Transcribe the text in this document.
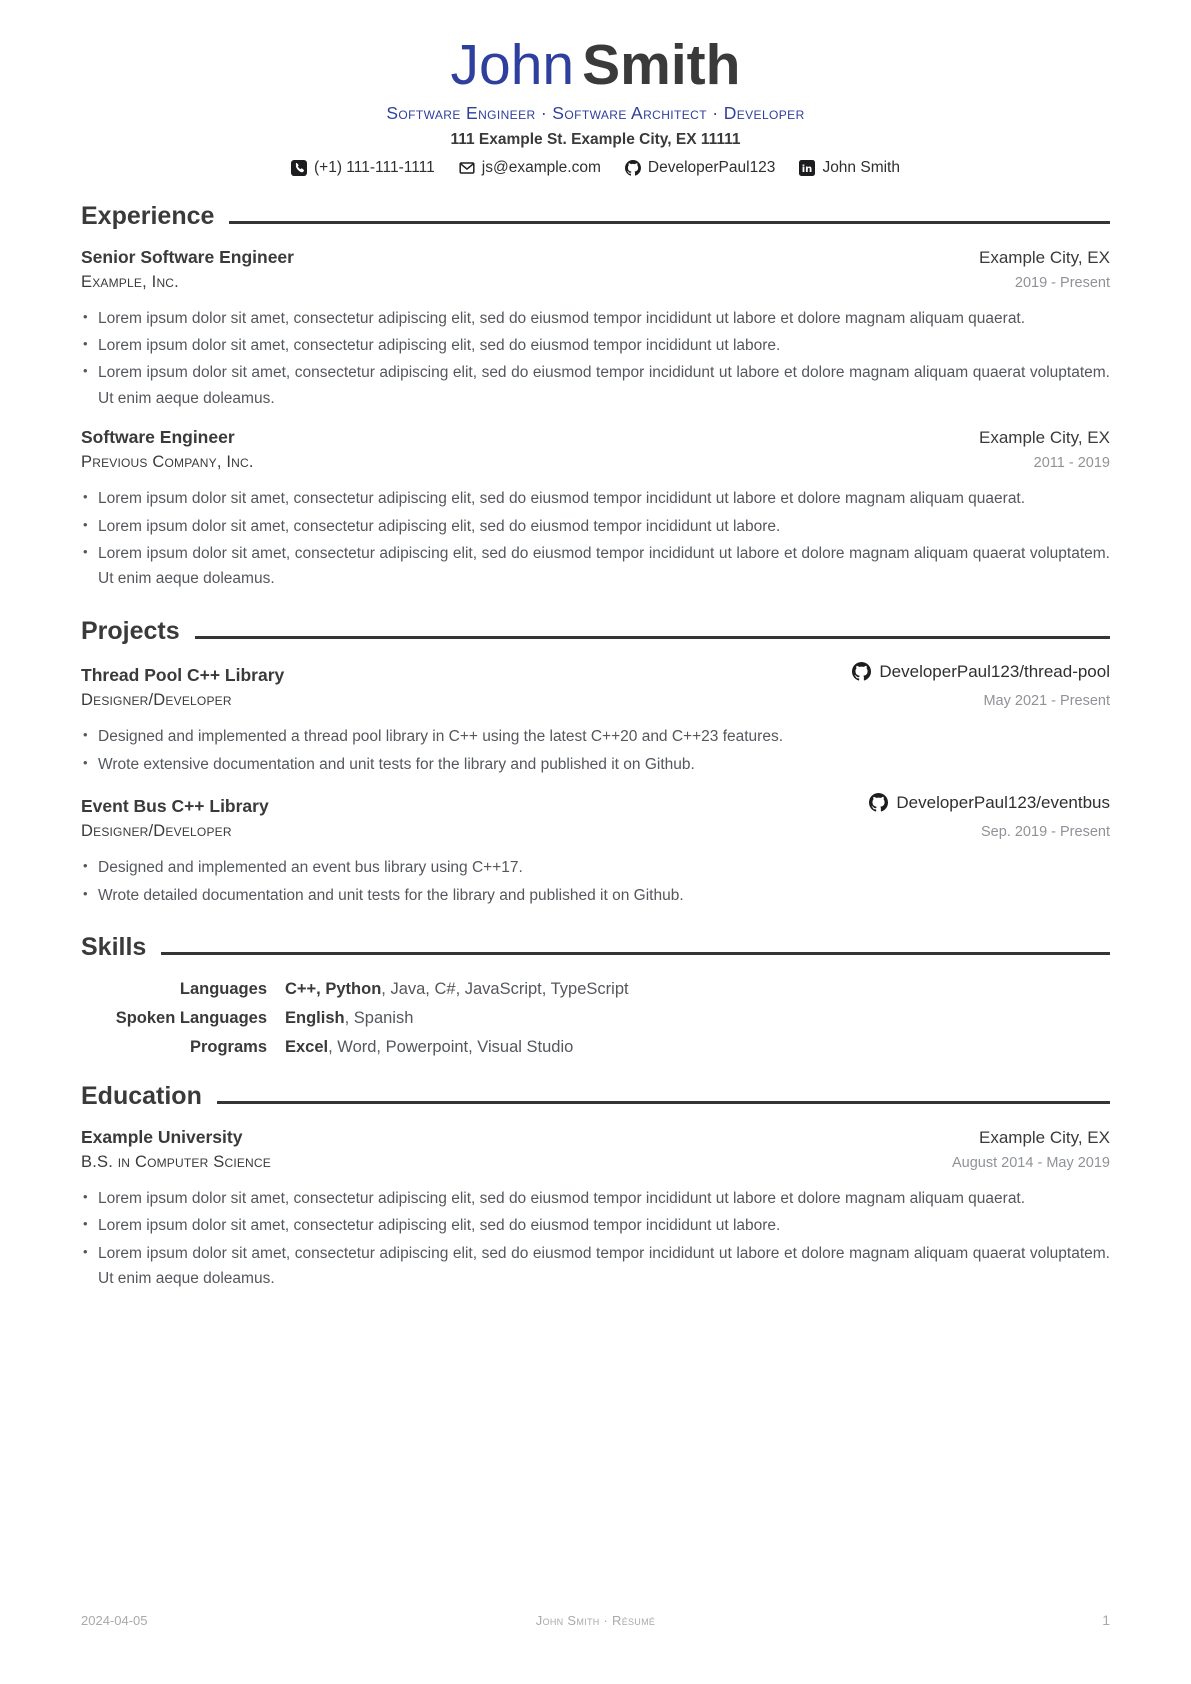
John Smith
Software Engineer · Software Architect · Developer
111 Example St. Example City, EX 11111
(+1) 111-111-1111	js@example.com	DeveloperPaul123	in John Smith
Experience
Senior Software Engineer	Example City, EX
Example, Inc.	2019 - Present
• Lorem ipsum dolor sit amet, consectetur adipiscing elit, sed do eiusmod tempor incididunt ut labore et dolore magnam aliquam quaerat.
• Lorem ipsum dolor sit amet, consectetur adipiscing elit, sed do eiusmod tempor incididunt ut labore.
• Lorem ipsum dolor sit amet, consectetur adipiscing elit, sed do eiusmod tempor incididunt ut labore et dolore magnam aliquam quaerat voluptatem. Ut enim aeque doleamus.
Software Engineer	Example City, EX
Previous Company, Inc.	2011 - 2019
• Lorem ipsum dolor sit amet, consectetur adipiscing elit, sed do eiusmod tempor incididunt ut labore et dolore magnam aliquam quaerat.
• Lorem ipsum dolor sit amet, consectetur adipiscing elit, sed do eiusmod tempor incididunt ut labore.
• Lorem ipsum dolor sit amet, consectetur adipiscing elit, sed do eiusmod tempor incididunt ut labore et dolore magnam aliquam quaerat voluptatem. Ut enim aeque doleamus.
Projects
Thread Pool C++ Library	DeveloperPaul123/thread-pool
Designer/Developer	May 2021 - Present
• Designed and implemented a thread pool library in C++ using the latest C++20 and C++23 features.
• Wrote extensive documentation and unit tests for the library and published it on Github.
Event Bus C++ Library	DeveloperPaul123/eventbus
Designer/Developer	Sep. 2019 - Present
• Designed and implemented an event bus library using C++17.
• Wrote detailed documentation and unit tests for the library and published it on Github.
Skills
Languages C++, Python, Java, C#, JavaScript, TypeScript
Spoken Languages English, Spanish
Programs Excel, Word, Powerpoint, Visual Studio
Education
Example University	Example City, EX
B.S. in Computer Science	August 2014 - May 2019
• Lorem ipsum dolor sit amet, consectetur adipiscing elit, sed do eiusmod tempor incididunt ut labore et dolore magnam aliquam quaerat.
• Lorem ipsum dolor sit amet, consectetur adipiscing elit, sed do eiusmod tempor incididunt ut labore.
• Lorem ipsum dolor sit amet, consectetur adipiscing elit, sed do eiusmod tempor incididunt ut labore et dolore magnam aliquam quaerat voluptatem. Ut enim aeque doleamus.
2024-04-05	John Smith · Résumé	1
